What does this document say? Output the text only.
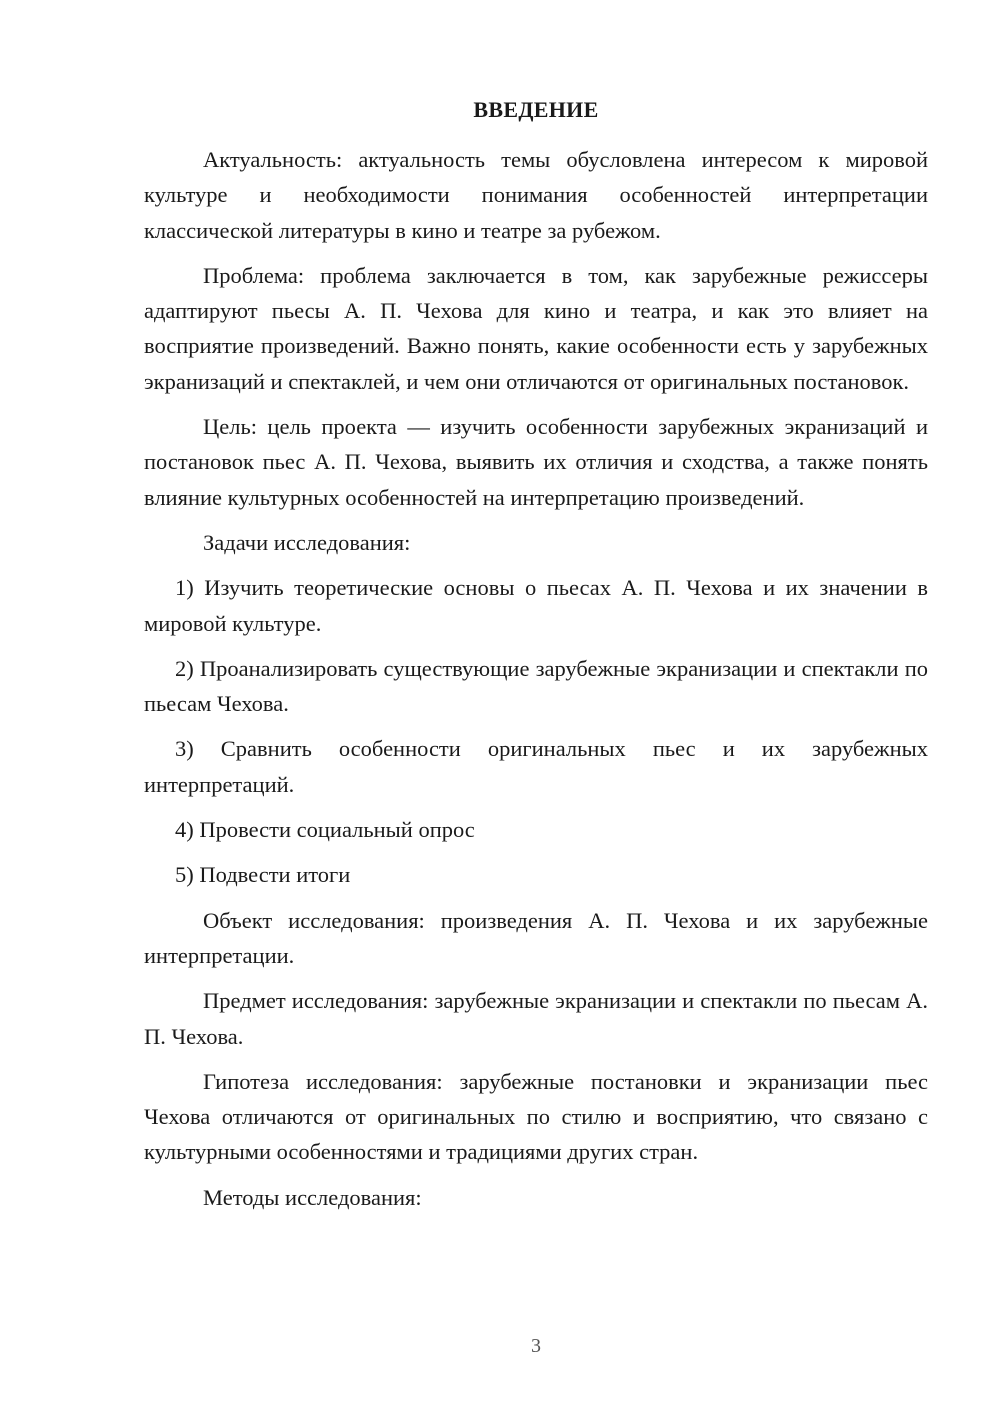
ВВЕДЕНИЕ

Актуальность: актуальность темы обусловлена интересом к мировой культуре и необходимости понимания особенностей интерпретации классической литературы в кино и театре за рубежом.

Проблема: проблема заключается в том, как зарубежные режиссеры адаптируют пьесы А. П. Чехова для кино и театра, и как это влияет на восприятие произведений. Важно понять, какие особенности есть у зарубежных экранизаций и спектаклей, и чем они отличаются от оригинальных постановок.

Цель: цель проекта — изучить особенности зарубежных экранизаций и постановок пьес А. П. Чехова, выявить их отличия и сходства, а также понять влияние культурных особенностей на интерпретацию произведений.

Задачи исследования:

1) Изучить теоретические основы о пьесах А. П. Чехова и их значении в мировой культуре.

2) Проанализировать существующие зарубежные экранизации и спектакли по пьесам Чехова.

3) Сравнить особенности оригинальных пьес и их зарубежных интерпретаций.

4) Провести социальный опрос

5) Подвести итоги

Объект исследования: произведения А. П. Чехова и их зарубежные интерпретации.

Предмет исследования: зарубежные экранизации и спектакли по пьесам А. П. Чехова.

Гипотеза исследования: зарубежные постановки и экранизации пьес Чехова отличаются от оригинальных по стилю и восприятию, что связано с культурными особенностями и традициями других стран.

Методы исследования:

3
